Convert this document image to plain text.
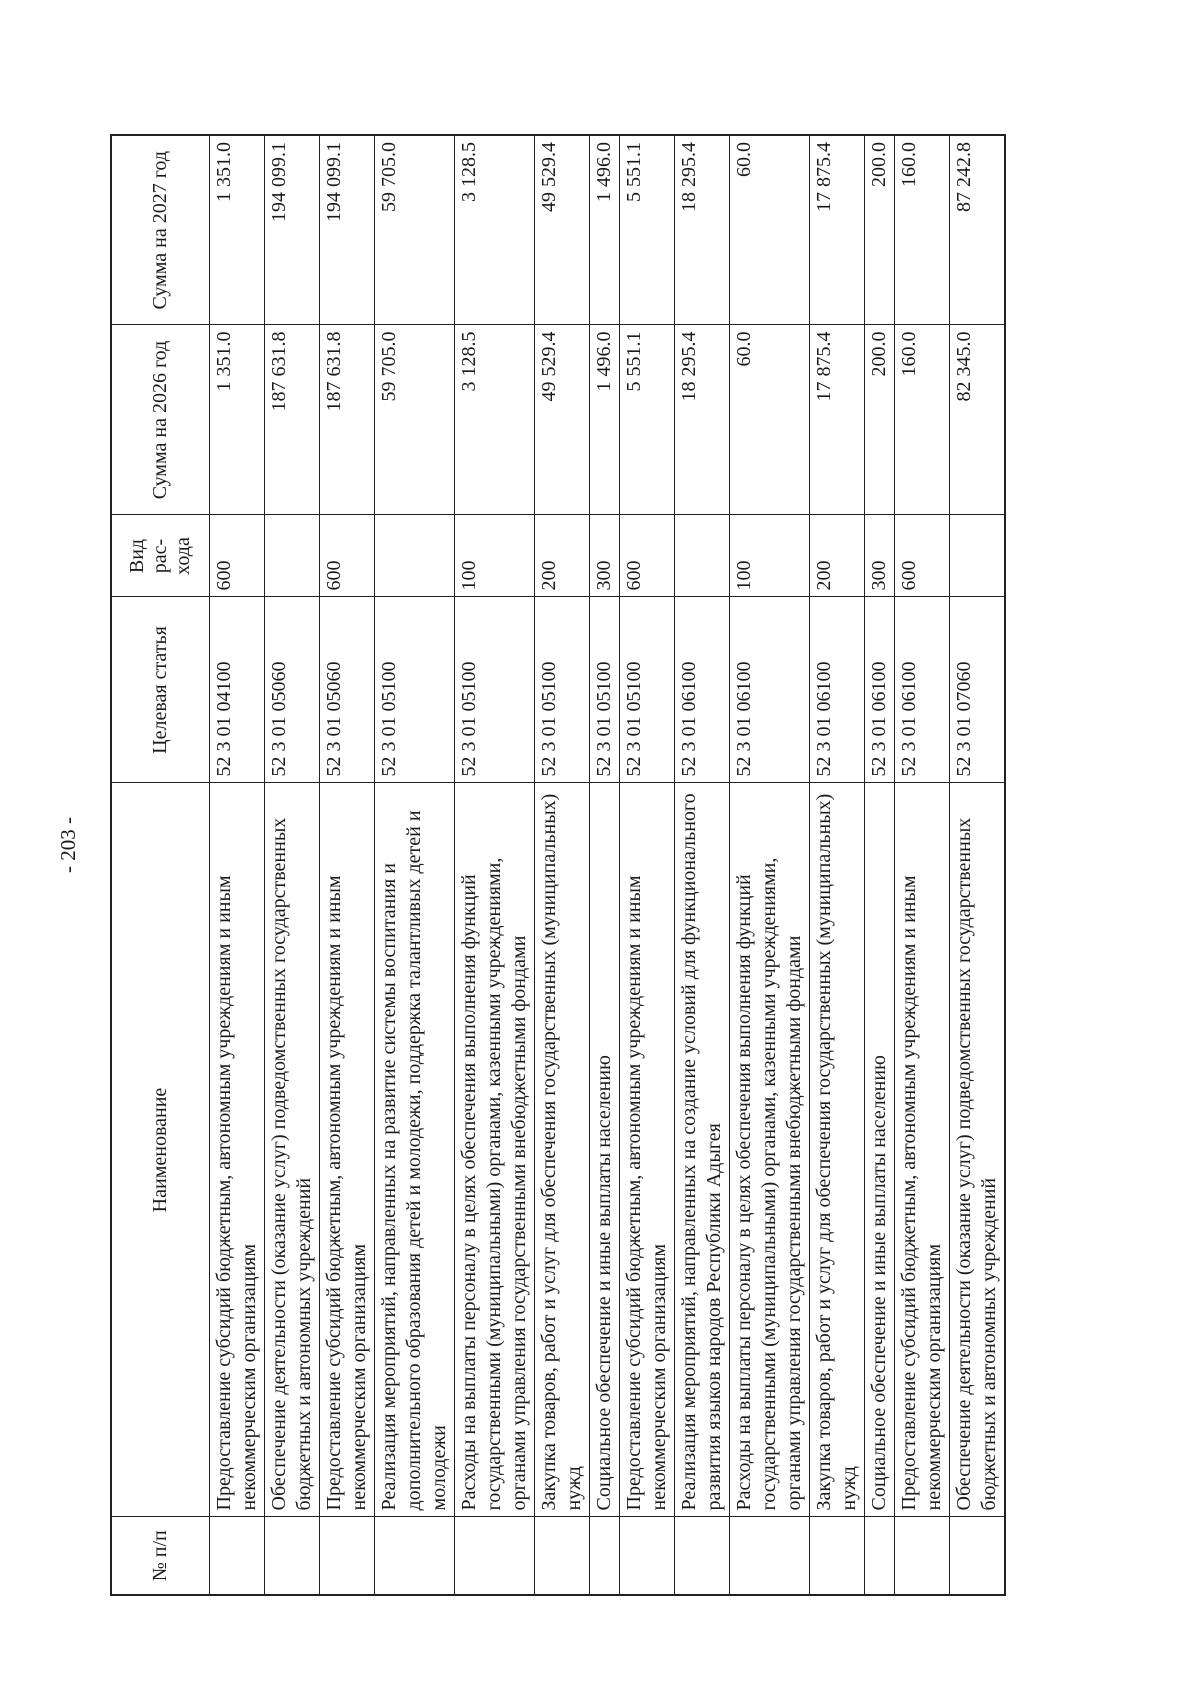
- 203 -
№ п/п	Наименование	Целевая статья	Вид рас- хода	Сумма на 2026 год	Сумма на 2027 год
	Предоставление субсидий бюджетным, автономным учреждениям и иным некоммерческим организациям	52 3 01 04100	600	1 351.0	1 351.0
	Обеспечение деятельности (оказание услуг) подведомственных государственных бюджетных и автономных учреждений	52 3 01 05060		187 631.8	194 099.1
	Предоставление субсидий бюджетным, автономным учреждениям и иным некоммерческим организациям	52 3 01 05060	600	187 631.8	194 099.1
	Реализация мероприятий, направленных на развитие системы воспитания и дополнительного образования детей и молодежи, поддержка талантливых детей и молодежи	52 3 01 05100		59 705.0	59 705.0
	Расходы на выплаты персоналу в целях обеспечения выполнения функций государственными (муниципальными) органами, казенными учреждениями, органами управления государственными внебюджетными фондами	52 3 01 05100	100	3 128.5	3 128.5
	Закупка товаров, работ и услуг для обеспечения государственных (муниципальных) нужд	52 3 01 05100	200	49 529.4	49 529.4
	Социальное обеспечение и иные выплаты населению	52 3 01 05100	300	1 496.0	1 496.0
	Предоставление субсидий бюджетным, автономным учреждениям и иным некоммерческим организациям	52 3 01 05100	600	5 551.1	5 551.1
	Реализация мероприятий, направленных на создание условий для функционального развития языков народов Республики Адыгея	52 3 01 06100		18 295.4	18 295.4
	Расходы на выплаты персоналу в целях обеспечения выполнения функций государственными (муниципальными) органами, казенными учреждениями, органами управления государственными внебюджетными фондами	52 3 01 06100	100	60.0	60.0
	Закупка товаров, работ и услуг для обеспечения государственных (муниципальных) нужд	52 3 01 06100	200	17 875.4	17 875.4
	Социальное обеспечение и иные выплаты населению	52 3 01 06100	300	200.0	200.0
	Предоставление субсидий бюджетным, автономным учреждениям и иным некоммерческим организациям	52 3 01 06100	600	160.0	160.0
	Обеспечение деятельности (оказание услуг) подведомственных государственных бюджетных и автономных учреждений	52 3 01 07060		82 345.0	87 242.8
